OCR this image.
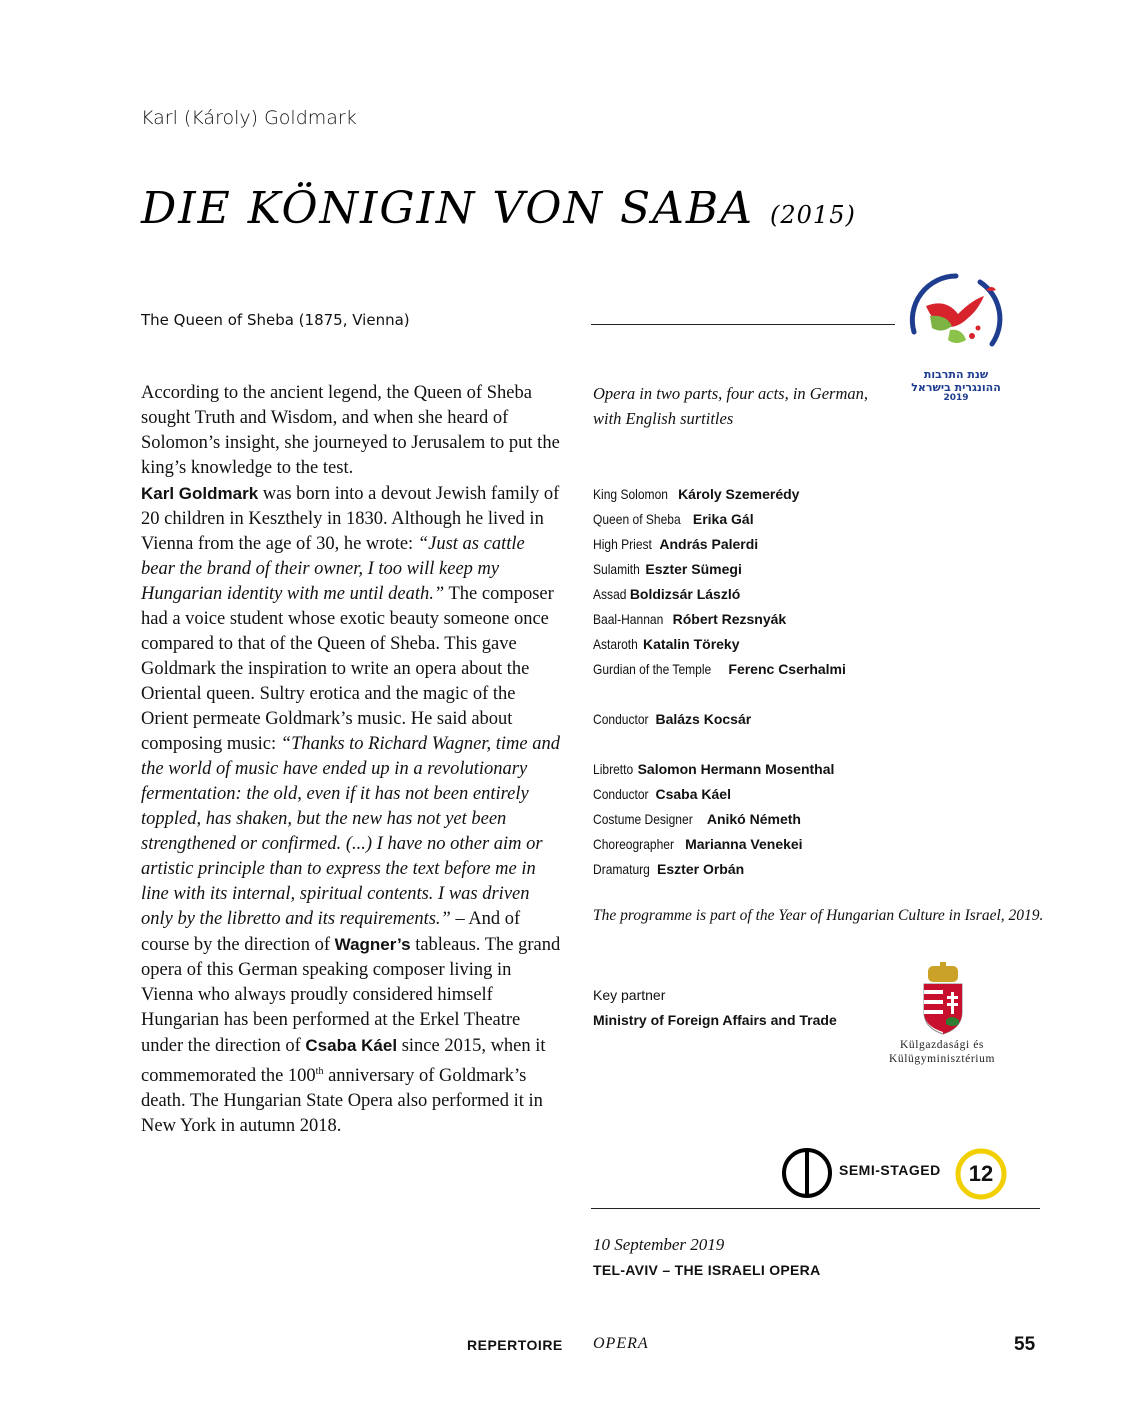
Karl (Károly) Goldmark
DIE KÖNIGIN VON SABA (2015)
The Queen of Sheba (1875, Vienna)
שנת התרבות
ההונגרית בישראל
2019

According to the ancient legend, the Queen of Sheba sought Truth and Wisdom, and when she heard of Solomon’s insight, she journeyed to Jerusalem to put the king’s knowledge to the test.

Karl Goldmark was born into a devout Jewish family of 20 children in Keszthely in 1830. Although he lived in Vienna from the age of 30, he wrote: “Just as cattle bear the brand of their owner, I too will keep my Hungarian identity with me until death.” The composer had a voice student whose exotic beauty someone once compared to that of the Queen of Sheba. This gave Goldmark the inspiration to write an opera about the Oriental queen. Sultry erotica and the magic of the Orient permeate Goldmark’s music. He said about composing music: “Thanks to Richard Wagner, time and the world of music have ended up in a revolutionary fermentation: the old, even if it has not been entirely toppled, has shaken, but the new has not yet been strengthened or confirmed. (...) I have no other aim or artistic principle than to express the text before me in line with its internal, spiritual contents. I was driven only by the libretto and its requirements.” – And of course by the direction of Wagner’s tableaus. The grand opera of this German speaking composer living in Vienna who always proudly considered himself Hungarian has been performed at the Erkel Theatre under the direction of Csaba Káel since 2015, when it commemorated the 100th anniversary of Goldmark’s death. The Hungarian State Opera also performed it in New York in autumn 2018.

Opera in two parts, four acts, in German,
with English surtitles
King Solomon Károly Szemerédy
Queen of Sheba Erika Gál
High Priest András Palerdi
Sulamith Eszter Sümegi
Assad Boldizsár László
Baal-Hannan Róbert Rezsnyák
Astaroth Katalin Töreky
Gurdian of the Temple Ferenc Cserhalmi
Conductor Balázs Kocsár
Libretto Salomon Hermann Mosenthal
Conductor Csaba Káel
Costume Designer Anikó Németh
Choreographer Marianna Venekei
Dramaturg Eszter Orbán
The programme is part of the Year of Hungarian Culture in Israel, 2019.
Key partner
Ministry of Foreign Affairs and Trade
Külgazdasági és
Külügyminisztérium
SEMI-STAGED	12
10 September 2019
TEL-AVIV – THE ISRAELI OPERA
REPERTOIRE OPERA	55
